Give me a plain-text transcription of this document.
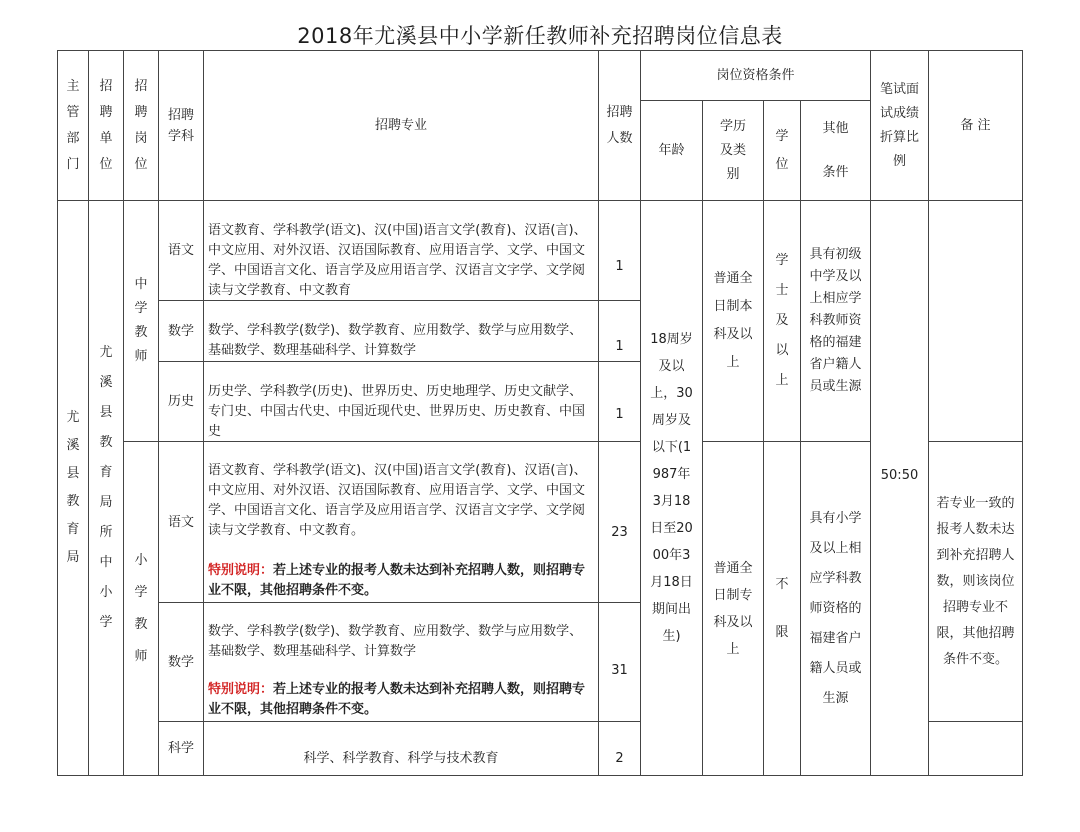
2018年尤溪县中小学新任教师补充招聘岗位信息表
主管部门
招聘单位
招聘岗位
招聘学科
招聘专业
招聘人数
岗位资格条件
年龄
学历及类别
学位
其他条件
笔试面试成绩折算比例
备 注
尤溪县教育局
尤溪县教育局所中小学
中学教师
小学教师
语文
数学
历史
语文
数学
科学
语文教育、学科教学(语文)、汉(中国)语言文学(教育)、汉语(言)、中文应用、对外汉语、汉语国际教育、应用语言学、文学、中国文学、中国语言文化、语言学及应用语言学、汉语言文字学、文学阅读与文学教育、中文教育
数学、学科教学(数学)、数学教育、应用数学、数学与应用数学、基础数学、数理基础科学、计算数学
历史学、学科教学(历史)、世界历史、历史地理学、历史文献学、专门史、中国古代史、中国近现代史、世界历史、历史教育、中国史
语文教育、学科教学(语文)、汉(中国)语言文学(教育)、汉语(言)、中文应用、对外汉语、汉语国际教育、应用语言学、文学、中国文学、中国语言文化、语言学及应用语言学、汉语言文字学、文学阅读与文学教育、中文教育。
特别说明：若上述专业的报考人数未达到补充招聘人数，则招聘专业不限，其他招聘条件不变。
数学、学科教学(数学)、数学教育、应用数学、数学与应用数学、基础数学、数理基础科学、计算数学
特别说明：若上述专业的报考人数未达到补充招聘人数，则招聘专业不限，其他招聘条件不变。
科学、科学教育、科学与技术教育
1
1
1
23
31
2
18周岁及以上，30周岁及以下(1987年3月18日至2000年3月18日期间出生)
普通全日制本科及以上
学士及以上
具有初级中学及以上相应学科教师资格的福建省户籍人员或生源
普通全日制专科及以上
不限
具有小学及以上相应学科教师资格的福建省户籍人员或生源
50:50
若专业一致的报考人数未达到补充招聘人数，则该岗位招聘专业不限，其他招聘条件不变。
